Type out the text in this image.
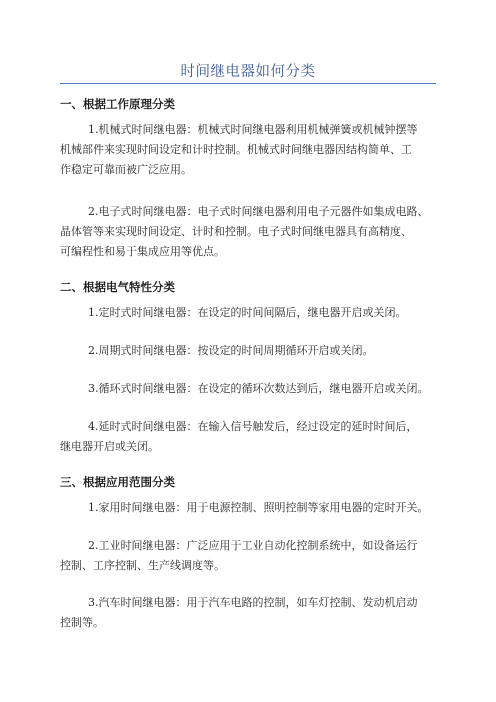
时间继电器如何分类
一、根据工作原理分类
1.机械式时间继电器：机械式时间继电器利用机械弹簧或机械钟摆等
机械部件来实现时间设定和计时控制。机械式时间继电器因结构简单、工
作稳定可靠而被广泛应用。
2.电子式时间继电器：电子式时间继电器利用电子元器件如集成电路、
晶体管等来实现时间设定、计时和控制。电子式时间继电器具有高精度、
可编程性和易于集成应用等优点。
二、根据电气特性分类
1.定时式时间继电器：在设定的时间间隔后，继电器开启或关闭。
2.周期式时间继电器：按设定的时间周期循环开启或关闭。
3.循环式时间继电器：在设定的循环次数达到后，继电器开启或关闭。
4.延时式时间继电器：在输入信号触发后，经过设定的延时时间后，
继电器开启或关闭。
三、根据应用范围分类
1.家用时间继电器：用于电源控制、照明控制等家用电器的定时开关。
2.工业时间继电器：广泛应用于工业自动化控制系统中，如设备运行
控制、工序控制、生产线调度等。
3.汽车时间继电器：用于汽车电路的控制，如车灯控制、发动机启动
控制等。
